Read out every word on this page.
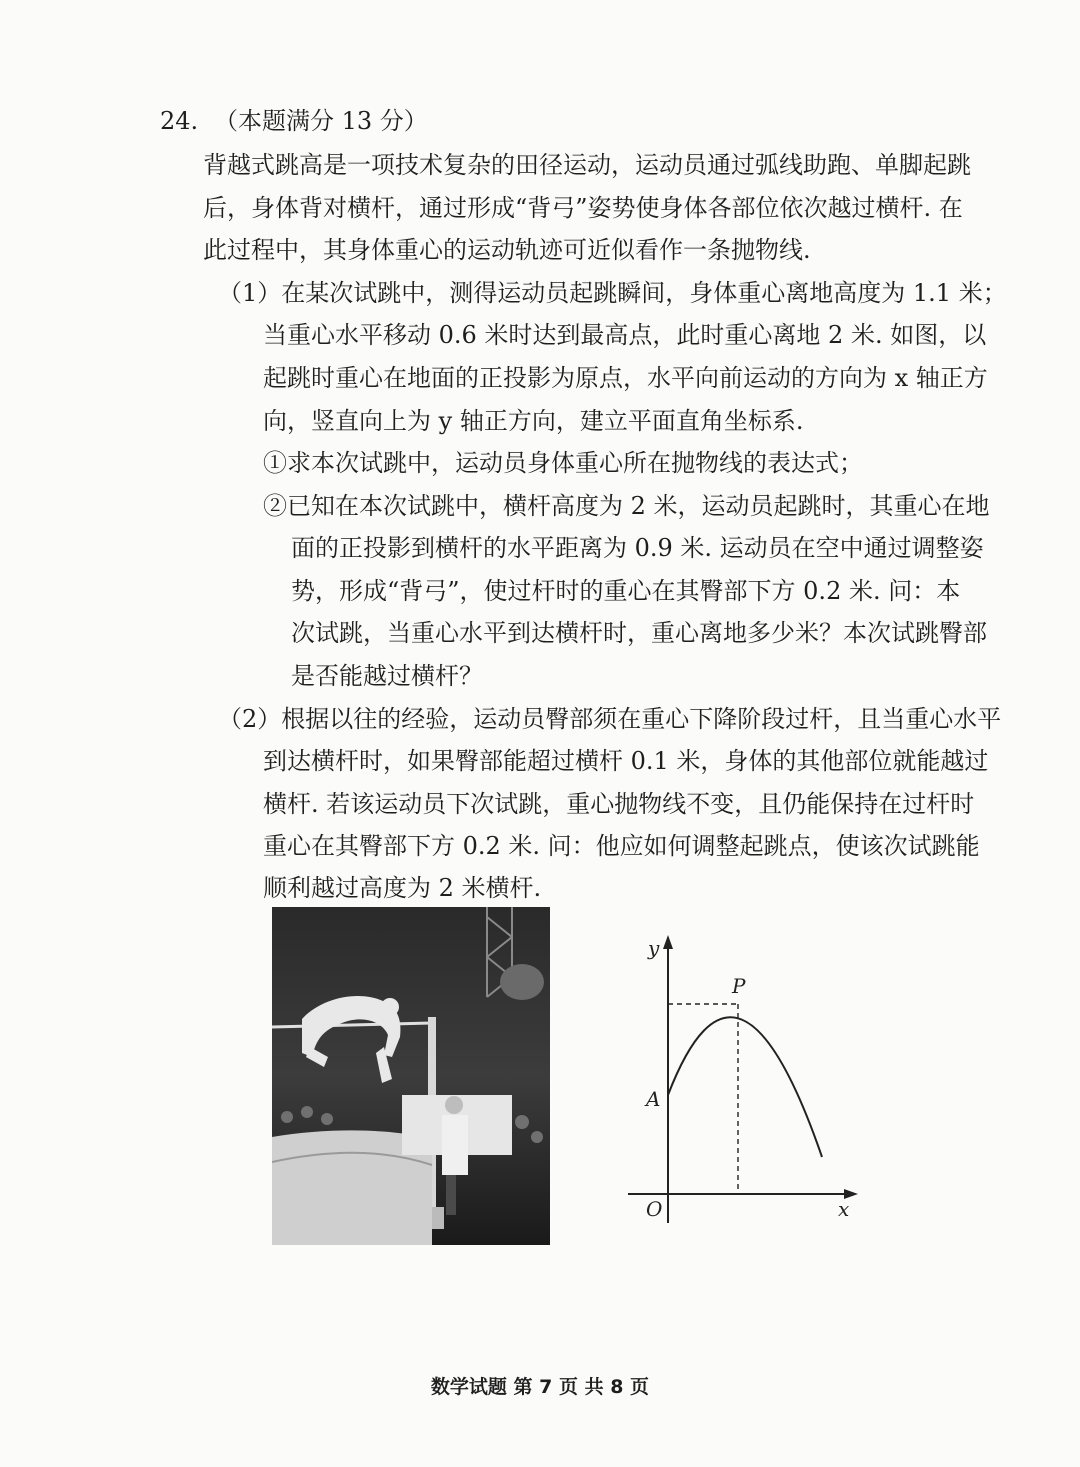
24. （本题满分 13 分）
背越式跳高是一项技术复杂的田径运动，运动员通过弧线助跑、单脚起跳
后，身体背对横杆，通过形成“背弓”姿势使身体各部位依次越过横杆. 在
此过程中，其身体重心的运动轨迹可近似看作一条抛物线.
（1）在某次试跳中，测得运动员起跳瞬间，身体重心离地高度为 1.1 米；
当重心水平移动 0.6 米时达到最高点，此时重心离地 2 米. 如图，以
起跳时重心在地面的正投影为原点，水平向前运动的方向为 x 轴正方
向，竖直向上为 y 轴正方向，建立平面直角坐标系.
①求本次试跳中，运动员身体重心所在抛物线的表达式；
②已知在本次试跳中，横杆高度为 2 米，运动员起跳时，其重心在地
面的正投影到横杆的水平距离为 0.9 米. 运动员在空中通过调整姿
势，形成“背弓”，使过杆时的重心在其臀部下方 0.2 米. 问：本
次试跳，当重心水平到达横杆时，重心离地多少米？本次试跳臀部
是否能越过横杆？
（2）根据以往的经验，运动员臀部须在重心下降阶段过杆，且当重心水平
到达横杆时，如果臀部能超过横杆 0.1 米，身体的其他部位就能越过
横杆. 若该运动员下次试跳，重心抛物线不变，且仍能保持在过杆时
重心在其臀部下方 0.2 米. 问：他应如何调整起跳点，使该次试跳能
顺利越过高度为 2 米横杆.
y
x
O
A
P
数学试题 第 7 页 共 8 页
